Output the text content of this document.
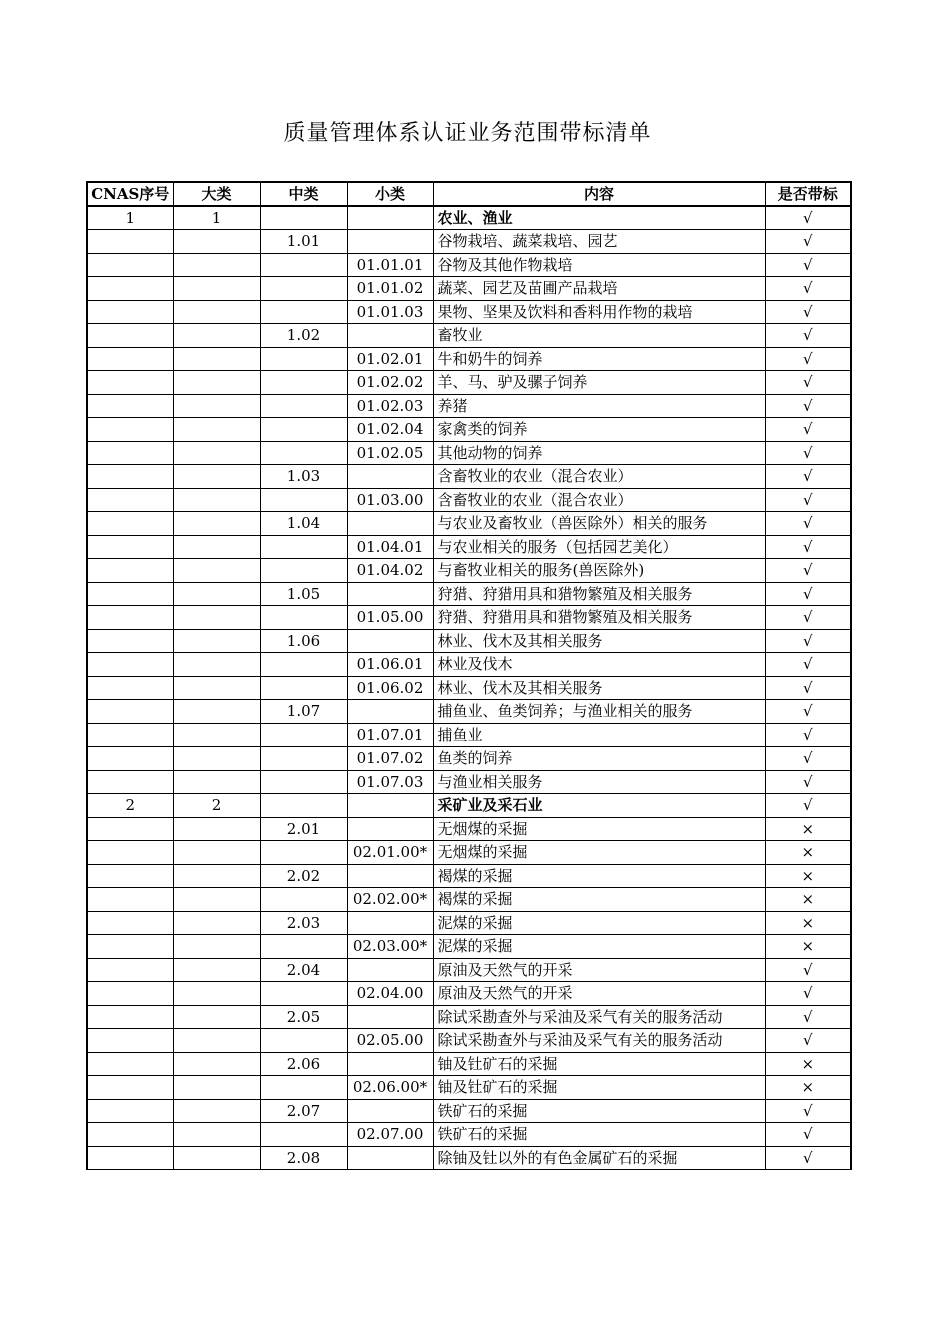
质量管理体系认证业务范围带标清单
CNAS序号	大类	中类	小类	内容	是否带标
1	1			农业、渔业	√
		1.01		谷物栽培、蔬菜栽培、园艺	√
			01.01.01	谷物及其他作物栽培	√
			01.01.02	蔬菜、园艺及苗圃产品栽培	√
			01.01.03	果物、坚果及饮料和香料用作物的栽培	√
		1.02		畜牧业	√
			01.02.01	牛和奶牛的饲养	√
			01.02.02	羊、马、驴及骡子饲养	√
			01.02.03	养猪	√
			01.02.04	家禽类的饲养	√
			01.02.05	其他动物的饲养	√
		1.03		含畜牧业的农业（混合农业）	√
			01.03.00	含畜牧业的农业（混合农业）	√
		1.04		与农业及畜牧业（兽医除外）相关的服务	√
			01.04.01	与农业相关的服务（包括园艺美化）	√
			01.04.02	与畜牧业相关的服务(兽医除外)	√
		1.05		狩猎、狩猎用具和猎物繁殖及相关服务	√
			01.05.00	狩猎、狩猎用具和猎物繁殖及相关服务	√
		1.06		林业、伐木及其相关服务	√
			01.06.01	林业及伐木	√
			01.06.02	林业、伐木及其相关服务	√
		1.07		捕鱼业、鱼类饲养；与渔业相关的服务	√
			01.07.01	捕鱼业	√
			01.07.02	鱼类的饲养	√
			01.07.03	与渔业相关服务	√
2	2			采矿业及采石业	√
		2.01		无烟煤的采掘	×
			02.01.00*	无烟煤的采掘	×
		2.02		褐煤的采掘	×
			02.02.00*	褐煤的采掘	×
		2.03		泥煤的采掘	×
			02.03.00*	泥煤的采掘	×
		2.04		原油及天然气的开采	√
			02.04.00	原油及天然气的开采	√
		2.05		除试采勘查外与采油及采气有关的服务活动	√
			02.05.00	除试采勘查外与采油及采气有关的服务活动	√
		2.06		铀及钍矿石的采掘	×
			02.06.00*	铀及钍矿石的采掘	×
		2.07		铁矿石的采掘	√
			02.07.00	铁矿石的采掘	√
		2.08		除铀及钍以外的有色金属矿石的采掘	√
